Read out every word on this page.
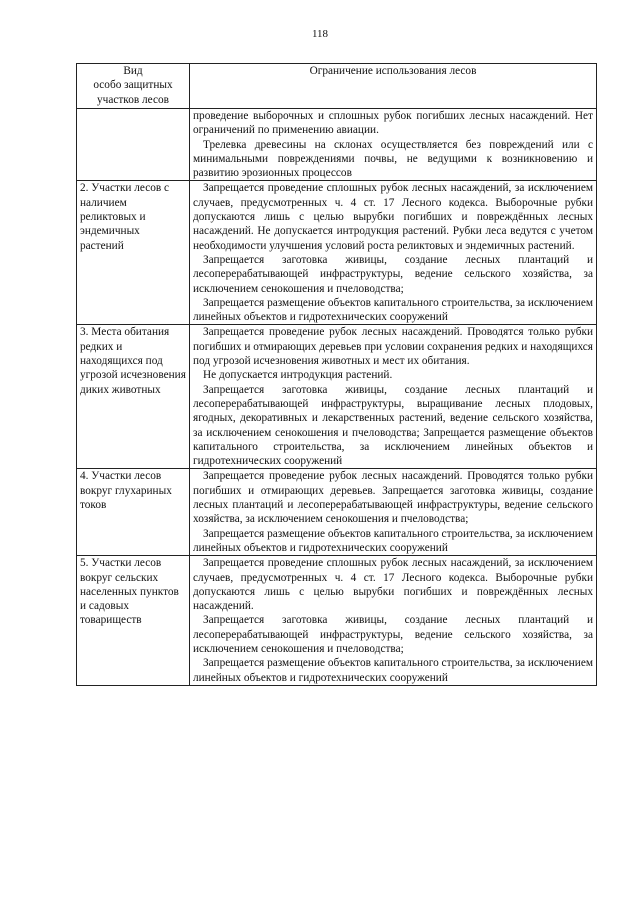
118
Вид
особо защитных
участков лесов	Ограничение использования лесов

	проведение выборочных и сплошных рубок погибших лесных насаждений. Нет ограничений по применению авиации.

Трелевка древесины на склонах осуществляется без повреждений или с минимальными повреждениями почвы, не ведущими к возникновению и развитию эрозионных процессов

2. Участки лесов с наличием реликтовых и эндемичных растений	Запрещается проведение сплошных рубок лесных насаждений, за исключением случаев, предусмотренных ч. 4 ст. 17 Лесного кодекса. Выборочные рубки допускаются лишь с целью вырубки погибших и повреждённых лесных насаждений. Не допускается интродукция растений. Рубки леса ведутся с учетом необходимости улучшения условий роста реликтовых и эндемичных растений.

Запрещается заготовка живицы, создание лесных плантаций и лесоперерабатывающей инфраструктуры, ведение сельского хозяйства, за исключением сенокошения и пчеловодства;

Запрещается размещение объектов капитального строительства, за исключением линейных объектов и гидротехнических сооружений

3. Места обитания редких и находящихся под угрозой исчезновения диких животных	Запрещается проведение рубок лесных насаждений. Проводятся только рубки погибших и отмирающих деревьев при условии сохранения редких и находящихся под угрозой исчезновения животных и мест их обитания.

Не допускается интродукция растений.

Запрещается заготовка живицы, создание лесных плантаций и лесоперерабатывающей инфраструктуры, выращивание лесных плодовых, ягодных, декоративных и лекарственных растений, ведение сельского хозяйства, за исключением сенокошения и пчеловодства; Запрещается размещение объектов капитального строительства, за исключением линейных объектов и гидротехнических сооружений

4. Участки лесов вокруг глухариных токов	Запрещается проведение рубок лесных насаждений. Проводятся только рубки погибших и отмирающих деревьев. Запрещается заготовка живицы, создание лесных плантаций и лесоперерабатывающей инфраструктуры, ведение сельского хозяйства, за исключением сенокошения и пчеловодства;

Запрещается размещение объектов капитального строительства, за исключением линейных объектов и гидротехнических сооружений

5. Участки лесов вокруг сельских населенных пунктов и садовых товариществ	Запрещается проведение сплошных рубок лесных насаждений, за исключением случаев, предусмотренных ч. 4 ст. 17 Лесного кодекса. Выборочные рубки допускаются лишь с целью вырубки погибших и повреждённых лесных насаждений.

Запрещается заготовка живицы, создание лесных плантаций и лесоперерабатывающей инфраструктуры, ведение сельского хозяйства, за исключением сенокошения и пчеловодства;

Запрещается размещение объектов капитального строительства, за исключением линейных объектов и гидротехнических сооружений
